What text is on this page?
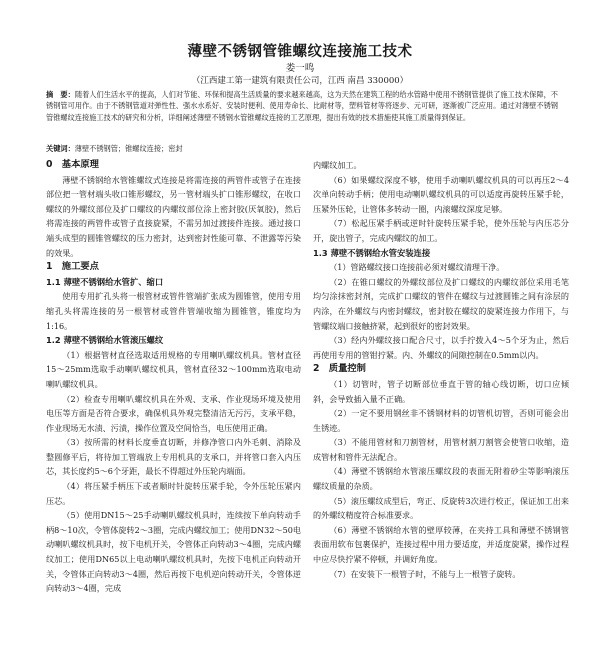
薄壁不锈钢管锥螺纹连接施工技术
娄一鸣
（江西建工第一建筑有限责任公司，江西 南昌 330000）
摘　要：随着人们生活水平的提高，人们对节能、环保和提高生活质量的要求越来越高，这为天然在建筑工程的给水管路中使用不锈钢管提供了施工技术保障，不锈钢管可用作。由于不锈钢管道对弹性性、强水水系好、安装时便利、使用寿命长、比耐材等，塑料管材等将逐步、元可研，逐渐被广泛应用。通过对薄壁不锈钢管锥螺纹连接施工技术的研究和分析，详细阐述薄壁不锈钢水管锥螺纹连接的工艺原理，提出有效的技术措施使其施工质量得到保证。
关键词：薄壁不锈钢管；锥螺纹连接；密封

0　基本原理

薄壁不锈钢给水管锥螺纹式连接是将需连接的两管件或管子在连接部位把一管材端头收口锥形螺纹，另一管材端头扩口锥形螺纹，在收口螺纹的外螺纹部位及扩口螺纹的内螺纹部位涂上密封胶(厌氧胶)，然后将需连接的两管件或管子直接旋紧，不需另加过渡接件连接。通过接口端头成型的圆锥管螺纹的压力密封，达到密封性能可靠、不泄露等污染的效果。

1　施工要点

1.1 薄壁不锈钢给水管扩、缩口

使用专用扩孔头将一根管材或管件管端扩张成为圆锥管，使用专用缩孔头将需连接的另一根管材或管件管端收缩为圆锥管，锥度均为1:16。

1.2 薄壁不锈钢给水管滚压螺纹

（1）根据管材直径选取适用规格的专用喇叭螺纹机具。管材直径15～25mm选取手动喇叭螺纹机具，管材直径32～100mm选取电动喇叭螺纹机具。

（2）检查专用喇叭螺纹机具在外观、支承、作业现场环境及使用电压等方面是否符合要求，确保机具外观完整清洁无污污，支承平稳，作业现场无水渍、污渍，操作位置及空间恰当，电压使用正确。

（3）按所需的材料长度垂直切断，并修净管口内外毛刺、消除及整圆修平后，将待加工管端放上专用机具的支承口，并将管口套入内压芯，其长度约5～6个牙距，最长不得超过外压轮内端面。

（4）将压紧手柄压下或者顺时针旋转压紧手轮，令外压轮压紧内压芯。

（5）使用DN15～25手动喇叭螺纹机具时，连续按下单向转动手柄8～10次，令管体旋转2～3圈，完成内螺纹加工；使用DN32～50电动喇叭螺纹机具时，按下电机开关，令管体正向转动3～4圈，完成内螺纹加工；使用DN65以上电动喇叭螺纹机具时，先按下电机正向转动开关，令管体正向转动3～4圈，然后再按下电机逆向转动开关，令管体逆向转动3～4圈，完成

内螺纹加工。

（6）如果螺纹深度不够，使用手动喇叭螺纹机具的可以再压2～4次单向转动手柄；使用电动喇叭螺纹机具的可以适度再旋转压紧手轮，压紧外压轮，让管体多转动一圈，内滚螺纹深度足够。

（7）松起压紧手柄或逆时针旋转压紧手轮，使外压轮与内压芯分开，旋出管子，完成内螺纹的加工。

1.3 薄壁不锈钢给水管安装连接

（1）管路螺纹接口连接前必须对螺纹清理干净。

（2）在锥口螺纹的外螺纹部位及扩口螺纹的内螺纹部位采用毛笔均匀涂抹密封剂，完成扩口螺纹的管件在螺纹与过渡圆锥之间有涂层的内涂，在外螺纹与内密封螺纹，密封胶在螺纹的旋紧连接力作用下，与管螺纹端口接触挤紧，起到很好的密封效果。

（3）经内外螺纹接口配合尺寸，以手拧拨入4～5个牙为止，然后再使用专用的管钳拧紧。内、外螺纹的间隙控制在0.5mm以内。

2　质量控制

（1）切管时，管子切断部位垂直于管的轴心线切断，切口应倾斜，会导致插入量不正确。

（2）一定不要用钢丝非不锈钢材料的切管机切管，否则可能会出生锈迹。

（3）不能用管材和刀割管材，用管材割刀割管会使管口收缩，造成管材和管件无法配合。

（4）薄壁不锈钢给水管滚压螺纹段的表面无附着砂尘等影响滚压螺纹质量的杂质。

（5）滚压螺纹成型后，弯正、反旋转3次进行校正，保证加工出来的外螺纹精度符合标准要求。

（6）薄壁不锈钢给水管的壁厚较薄，在夹持工具和薄壁不锈钢管表面用软布包裹保护，连接过程中用力要适度，并适度旋紧，操作过程中应尽快拧紧不停顿，并调好角度。

（7）在安装下一根管子时，不能与上一根管子旋转。
